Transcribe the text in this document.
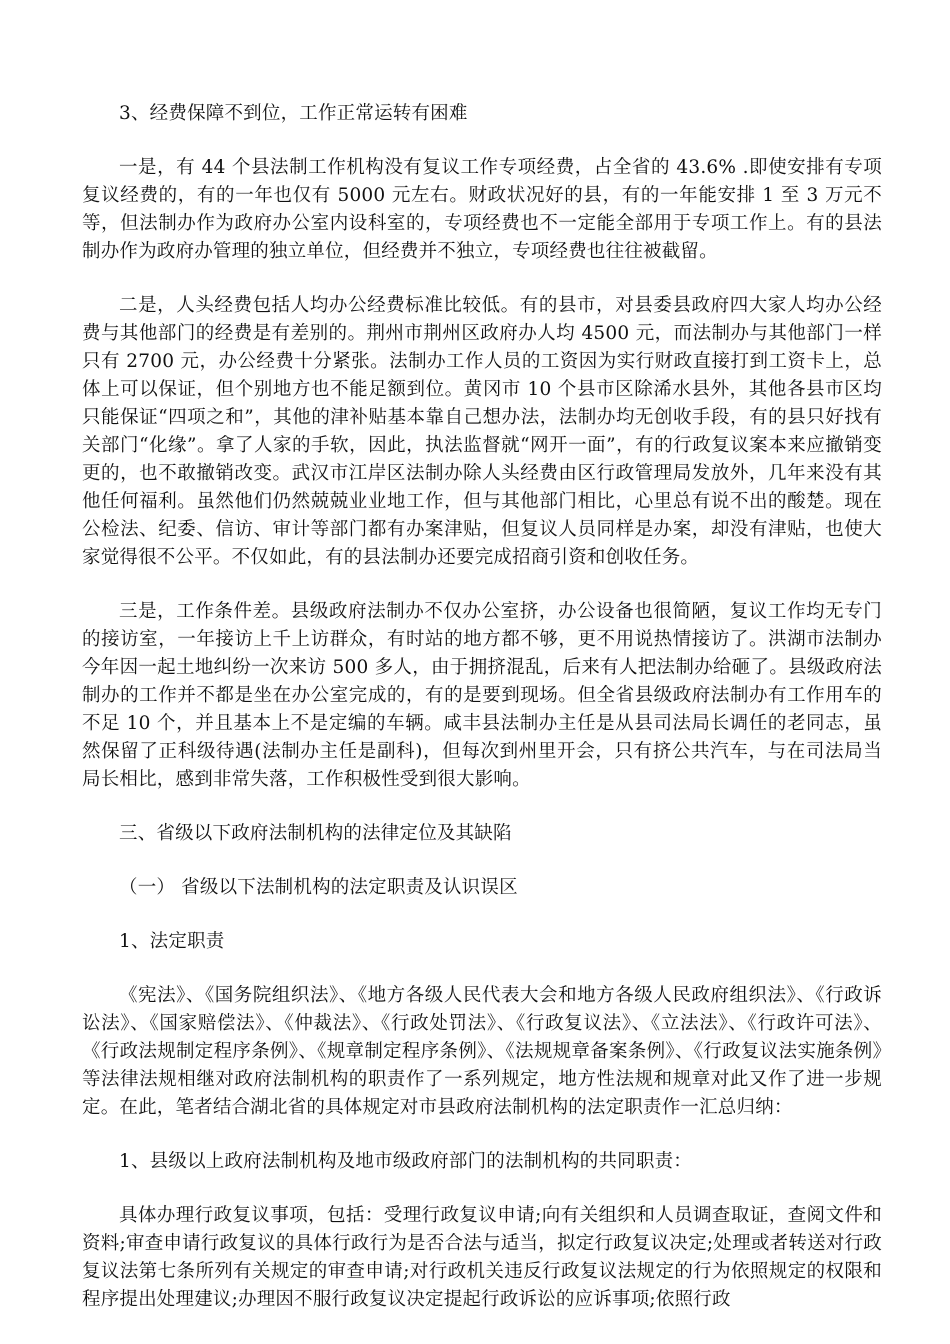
3、经费保障不到位，工作正常运转有困难

一是，有 44 个县法制工作机构没有复议工作专项经费，占全省的 43.6% .即使安排有专项复议经费的，有的一年也仅有 5000 元左右。财政状况好的县，有的一年能安排 1 至 3 万元不等，但法制办作为政府办公室内设科室的，专项经费也不一定能全部用于专项工作上。有的县法制办作为政府办管理的独立单位，但经费并不独立，专项经费也往往被截留。

二是，人头经费包括人均办公经费标准比较低。有的县市，对县委县政府四大家人均办公经费与其他部门的经费是有差别的。荆州市荆州区政府办人均 4500 元，而法制办与其他部门一样只有 2700 元，办公经费十分紧张。法制办工作人员的工资因为实行财政直接打到工资卡上，总体上可以保证，但个别地方也不能足额到位。黄冈市 10 个县市区除浠水县外，其他各县市区均只能保证“四项之和”，其他的津补贴基本靠自己想办法，法制办均无创收手段，有的县只好找有关部门“化缘”。拿了人家的手软，因此，执法监督就“网开一面”，有的行政复议案本来应撤销变更的，也不敢撤销改变。武汉市江岸区法制办除人头经费由区行政管理局发放外，几年来没有其他任何福利。虽然他们仍然兢兢业业地工作，但与其他部门相比，心里总有说不出的酸楚。现在公检法、纪委、信访、审计等部门都有办案津贴，但复议人员同样是办案，却没有津贴，也使大家觉得很不公平。不仅如此，有的县法制办还要完成招商引资和创收任务。

三是，工作条件差。县级政府法制办不仅办公室挤，办公设备也很简陋，复议工作均无专门的接访室，一年接访上千上访群众，有时站的地方都不够，更不用说热情接访了。洪湖市法制办今年因一起土地纠纷一次来访 500 多人，由于拥挤混乱，后来有人把法制办给砸了。县级政府法制办的工作并不都是坐在办公室完成的，有的是要到现场。但全省县级政府法制办有工作用车的不足 10 个，并且基本上不是定编的车辆。咸丰县法制办主任是从县司法局长调任的老同志，虽然保留了正科级待遇(法制办主任是副科)，但每次到州里开会，只有挤公共汽车，与在司法局当局长相比，感到非常失落，工作积极性受到很大影响。

三、省级以下政府法制机构的法律定位及其缺陷

（一） 省级以下法制机构的法定职责及认识误区

1、法定职责

《宪法》、《国务院组织法》、《地方各级人民代表大会和地方各级人民政府组织法》、《行政诉讼法》、《国家赔偿法》、《仲裁法》、《行政处罚法》、《行政复议法》、《立法法》、《行政许可法》、《行政法规制定程序条例》、《规章制定程序条例》、《法规规章备案条例》、《行政复议法实施条例》等法律法规相继对政府法制机构的职责作了一系列规定，地方性法规和规章对此又作了进一步规定。在此，笔者结合湖北省的具体规定对市县政府法制机构的法定职责作一汇总归纳：

1、县级以上政府法制机构及地市级政府部门的法制机构的共同职责：

具体办理行政复议事项，包括：受理行政复议申请;向有关组织和人员调查取证，查阅文件和资料;审查申请行政复议的具体行政行为是否合法与适当，拟定行政复议决定;处理或者转送对行政复议法第七条所列有关规定的审查申请;对行政机关违反行政复议法规定的行为依照规定的权限和程序提出处理建议;办理因不服行政复议决定提起行政诉讼的应诉事项;依照行政
